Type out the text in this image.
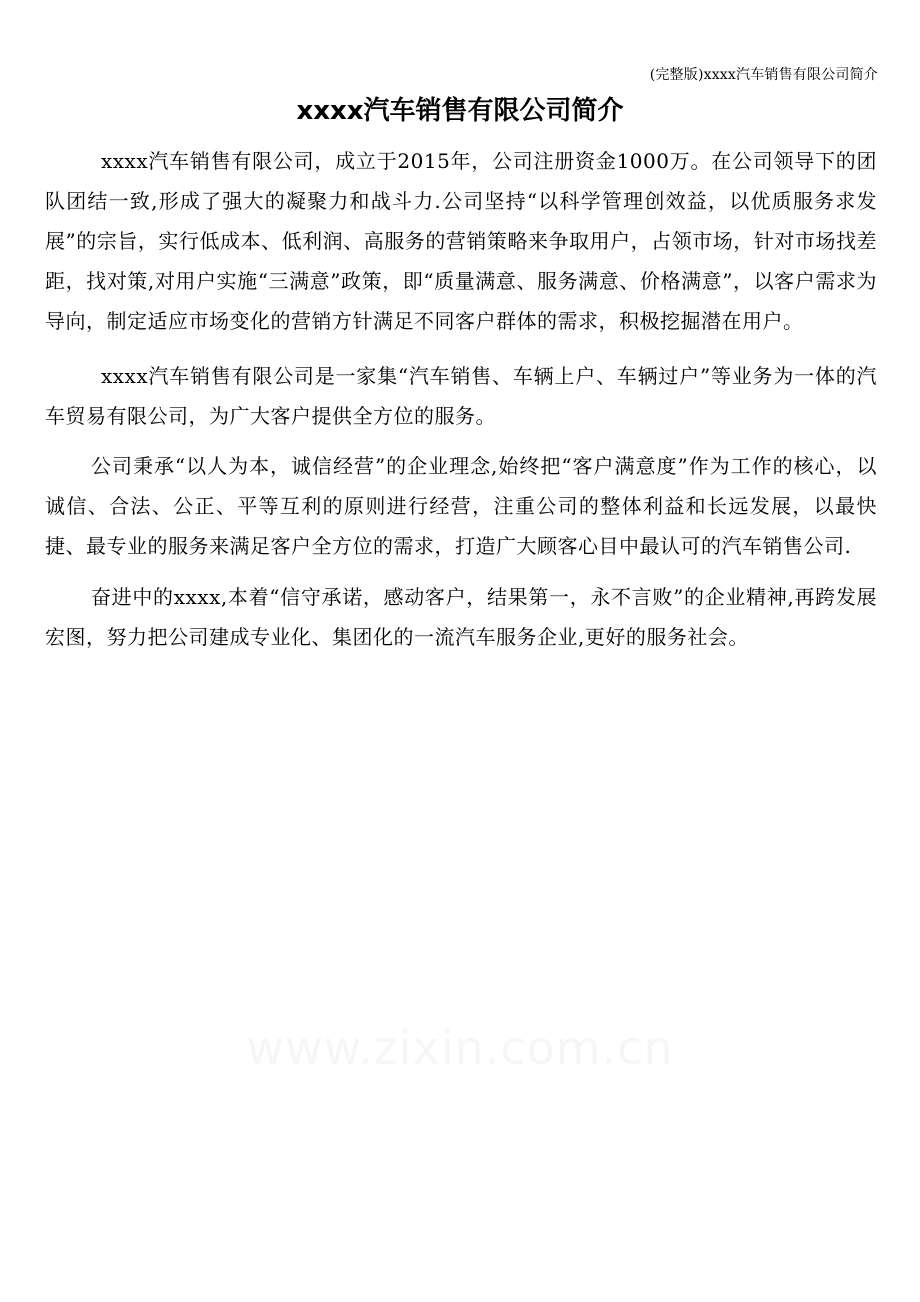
(完整版)xxxx汽车销售有限公司简介
xxxx汽车销售有限公司简介

xxxx汽车销售有限公司，成立于2015年，公司注册资金1000万。在公司领导下的团队团结一致,形成了强大的凝聚力和战斗力.公司坚持“以科学管理创效益，以优质服务求发展”的宗旨，实行低成本、低利润、高服务的营销策略来争取用户，占领市场，针对市场找差距，找对策,对用户实施“三满意”政策，即“质量满意、服务满意、价格满意”，以客户需求为导向，制定适应市场变化的营销方针满足不同客户群体的需求，积极挖掘潜在用户。

xxxx汽车销售有限公司是一家集“汽车销售、车辆上户、车辆过户”等业务为一体的汽车贸易有限公司，为广大客户提供全方位的服务。

公司秉承“以人为本，诚信经营”的企业理念,始终把“客户满意度”作为工作的核心，以诚信、合法、公正、平等互利的原则进行经营，注重公司的整体利益和长远发展，以最快捷、最专业的服务来满足客户全方位的需求，打造广大顾客心目中最认可的汽车销售公司.

奋进中的xxxx,本着“信守承诺，感动客户，结果第一，永不言败”的企业精神,再跨发展宏图，努力把公司建成专业化、集团化的一流汽车服务企业,更好的服务社会。

www.zixin.com.cn
